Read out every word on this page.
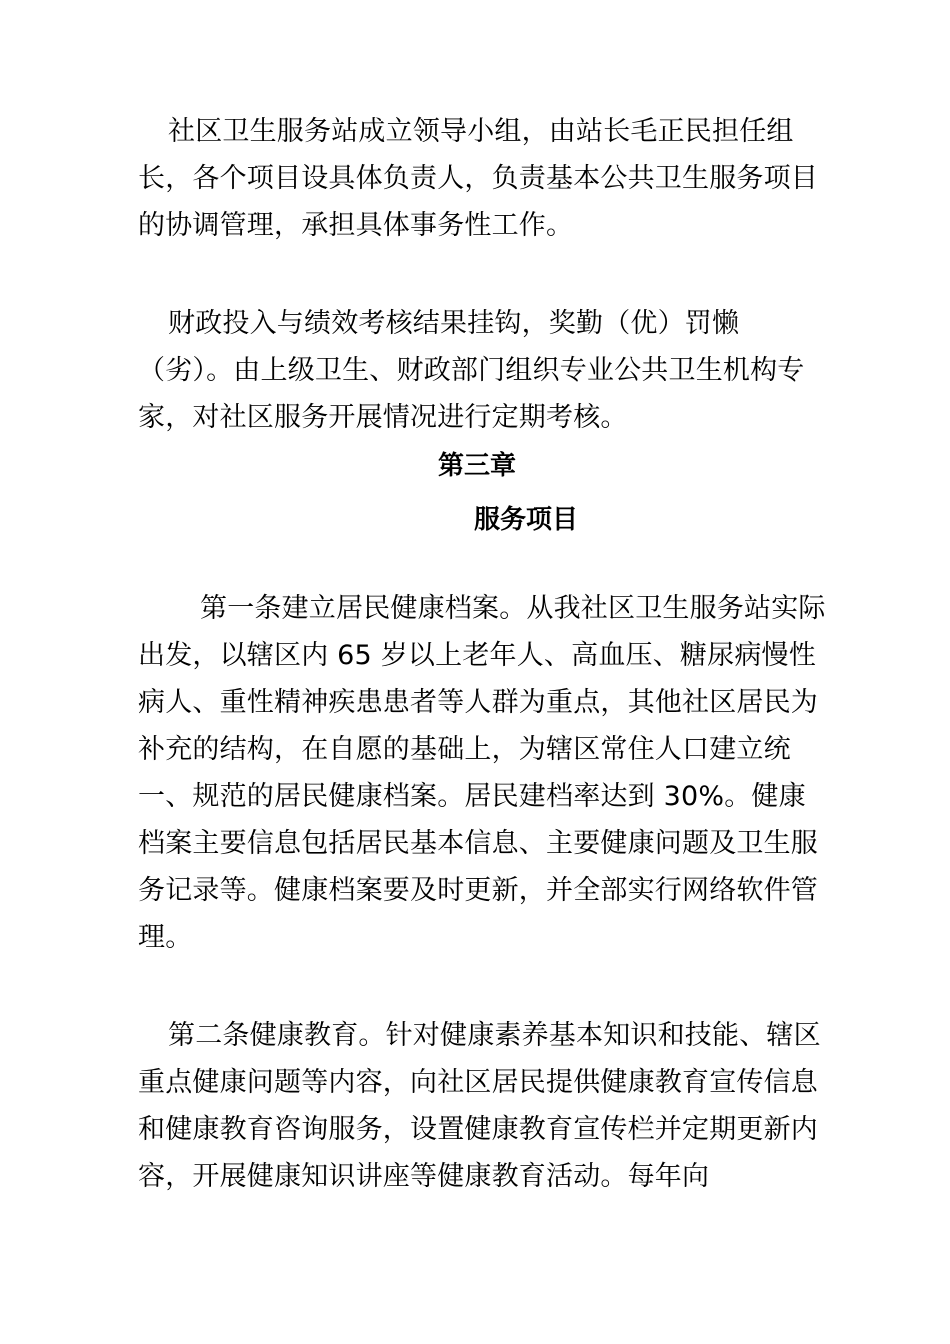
社区卫生服务站成立领导小组，由站长毛正民担任组长，各个项目设具体负责人，负责基本公共卫生服务项目的协调管理，承担具体事务性工作。

财政投入与绩效考核结果挂钩，奖勤（优）罚懒（劣）。由上级卫生、财政部门组织专业公共卫生机构专家，对社区服务开展情况进行定期考核。

第三章
服务项目

第一条建立居民健康档案。从我社区卫生服务站实际出发，以辖区内 65 岁以上老年人、高血压、糖尿病慢性病人、重性精神疾患患者等人群为重点，其他社区居民为补充的结构，在自愿的基础上，为辖区常住人口建立统一、规范的居民健康档案。居民建档率达到 30%。健康档案主要信息包括居民基本信息、主要健康问题及卫生服务记录等。健康档案要及时更新，并全部实行网络软件管理。

第二条健康教育。针对健康素养基本知识和技能、辖区重点健康问题等内容，向社区居民提供健康教育宣传信息和健康教育咨询服务，设置健康教育宣传栏并定期更新内容，开展健康知识讲座等健康教育活动。每年向
